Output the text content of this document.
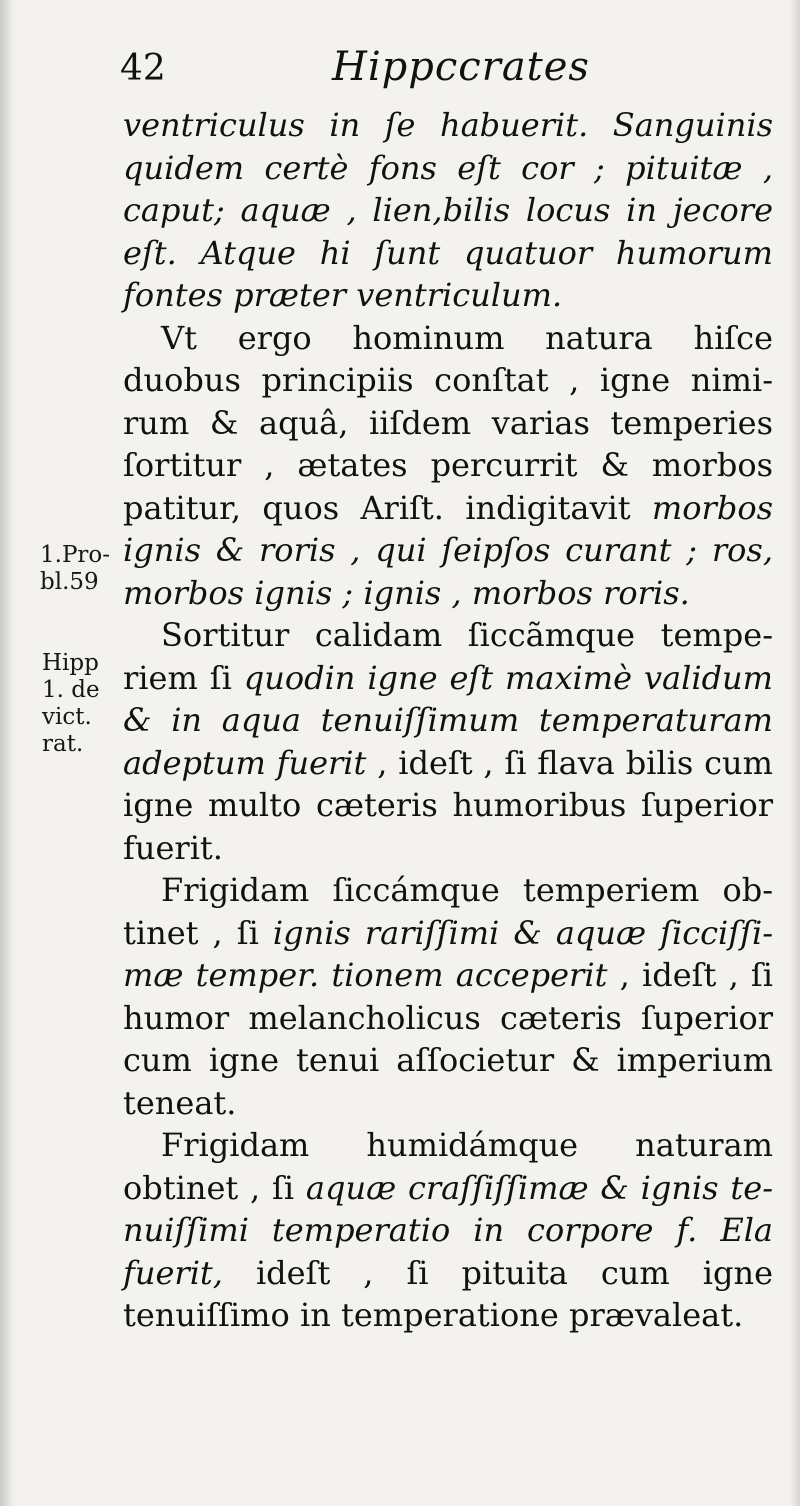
42	Hippccrates

ventriculus in ſe habuerit. Sanguinis quidem certè fons eſt cor ; pituitæ , caput; aquæ , lien,bilis locus in jecore eſt. Atque hi ſunt quatuor humorum fontes præter ventriculum.

Vt ergo hominum natura hiſce duobus principiis conſtat , igne nimirum & aquâ, iiſdem varias temperies ſortitur , ætates percurrit & morbos patitur, quos Ariſt. indigitavit morbos ignis & roris , qui ſeipſos curant ; ros, morbos ignis ; ignis , morbos roris.

Sortitur calidam ſiccãmque temperiem ſi quodin igne eſt maximè validum & in aqua tenuiſſimum temperaturam adeptum fuerit , ideſt , ſi flava bilis cum igne multo cæteris humoribus ſuperior fuerit.

Frigidam ſiccámque temperiem obtinet , ſi ignis rariſſimi & aquæ ſicciſſimæ temper. tionem acceperit , ideſt , ſi humor melancholicus cæteris ſuperior cum igne tenui aſſocietur & imperium teneat.

Frigidam humidámque naturam obtinet , ſi aquæ craſſiſſimæ & ignis tenuiſſimi temperatio in corpore f. Ela fuerit, ideſt , ſi pituita cum igne tenuiſſimo in temperatione prævaleat.

1.Pro-
bl.59
Hipp
1. de
vict.
rat.
